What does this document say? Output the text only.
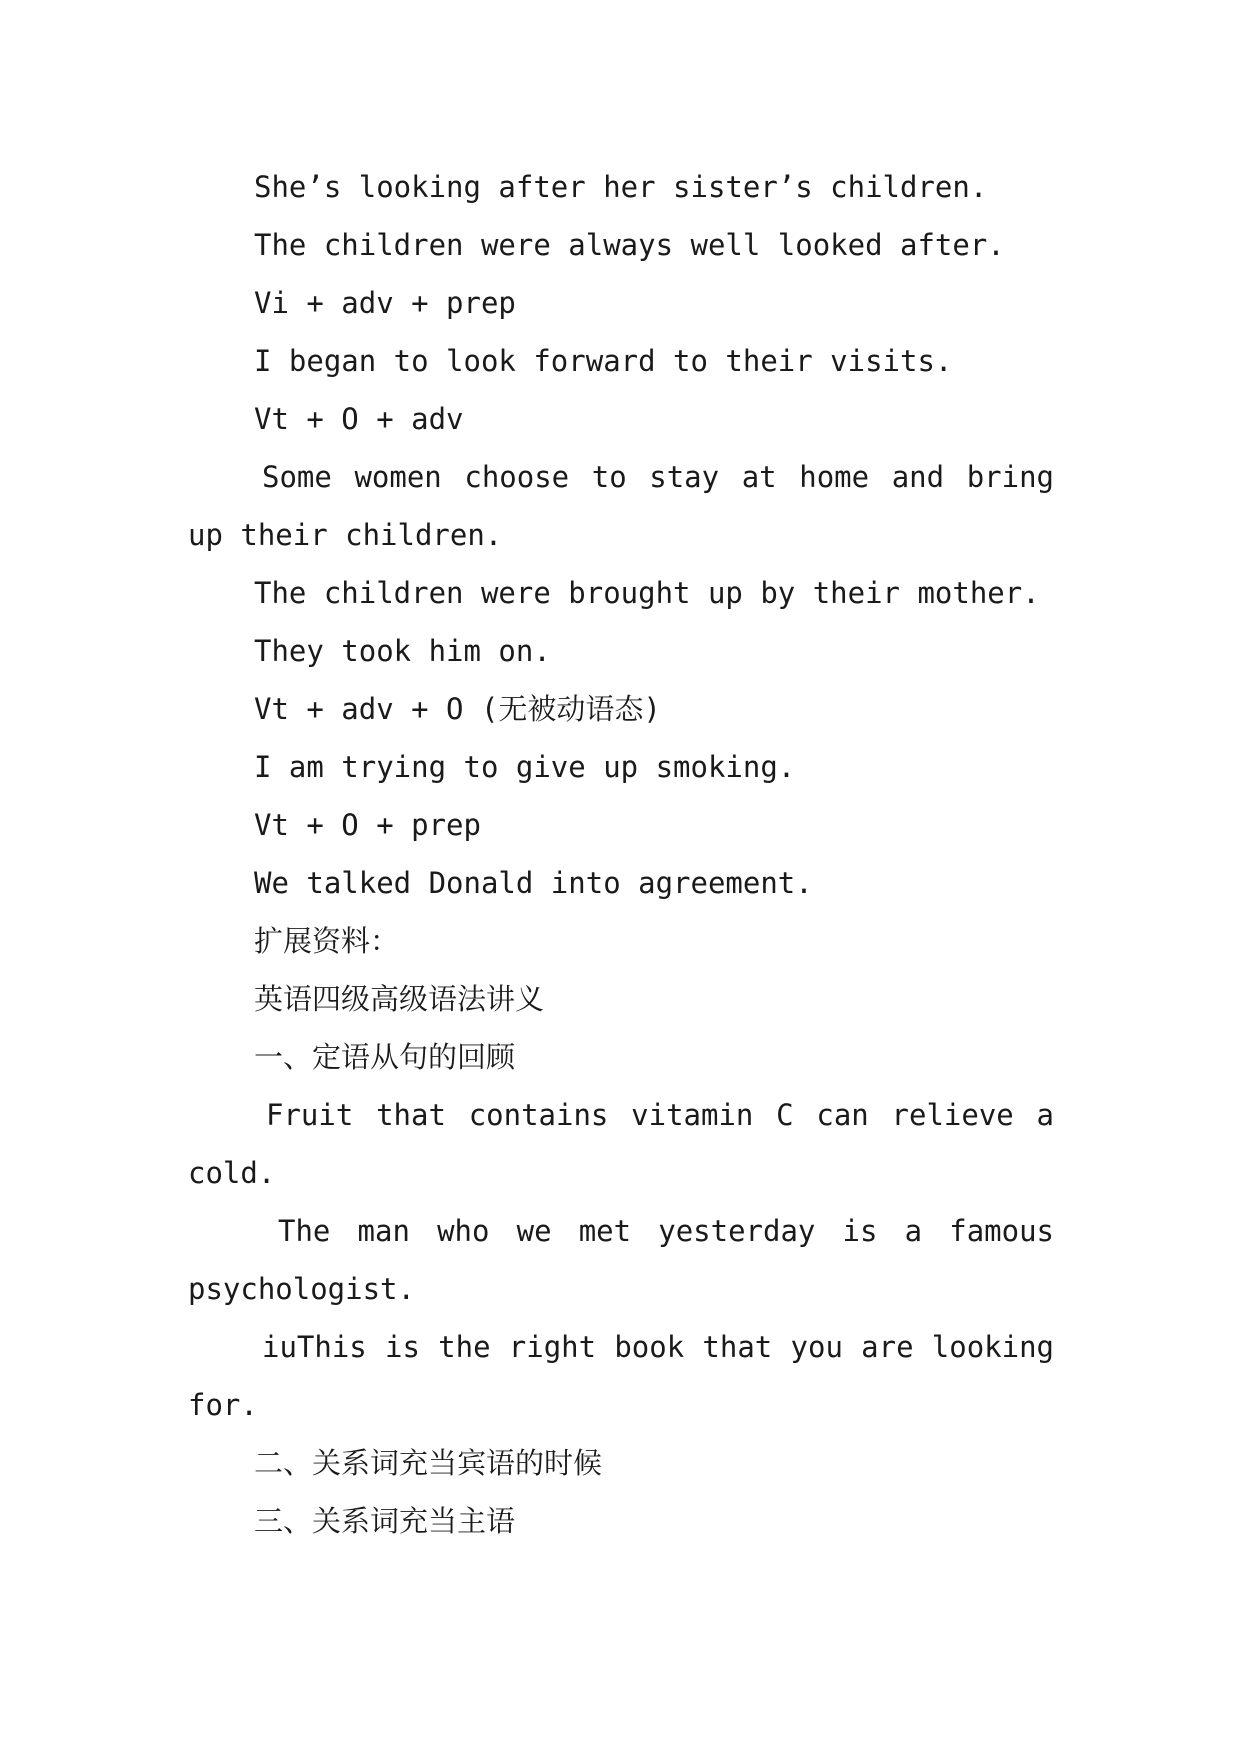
She’s looking after her sister’s children.

The children were always well looked after.

Vi + adv + prep

I began to look forward to their visits.

Vt + O + adv

Some women choose to stay at home and bring up their children.

The children were brought up by their mother.

They took him on.

Vt + adv + O (无被动语态)

I am trying to give up smoking.

Vt + O + prep

We talked Donald into agreement.

扩展资料：

英语四级高级语法讲义

一、定语从句的回顾

Fruit that contains vitamin C can relieve a cold.

The man who we met yesterday is a famous psychologist.

iuThis is the right book that you are looking for.

二、关系词充当宾语的时候

三、关系词充当主语
